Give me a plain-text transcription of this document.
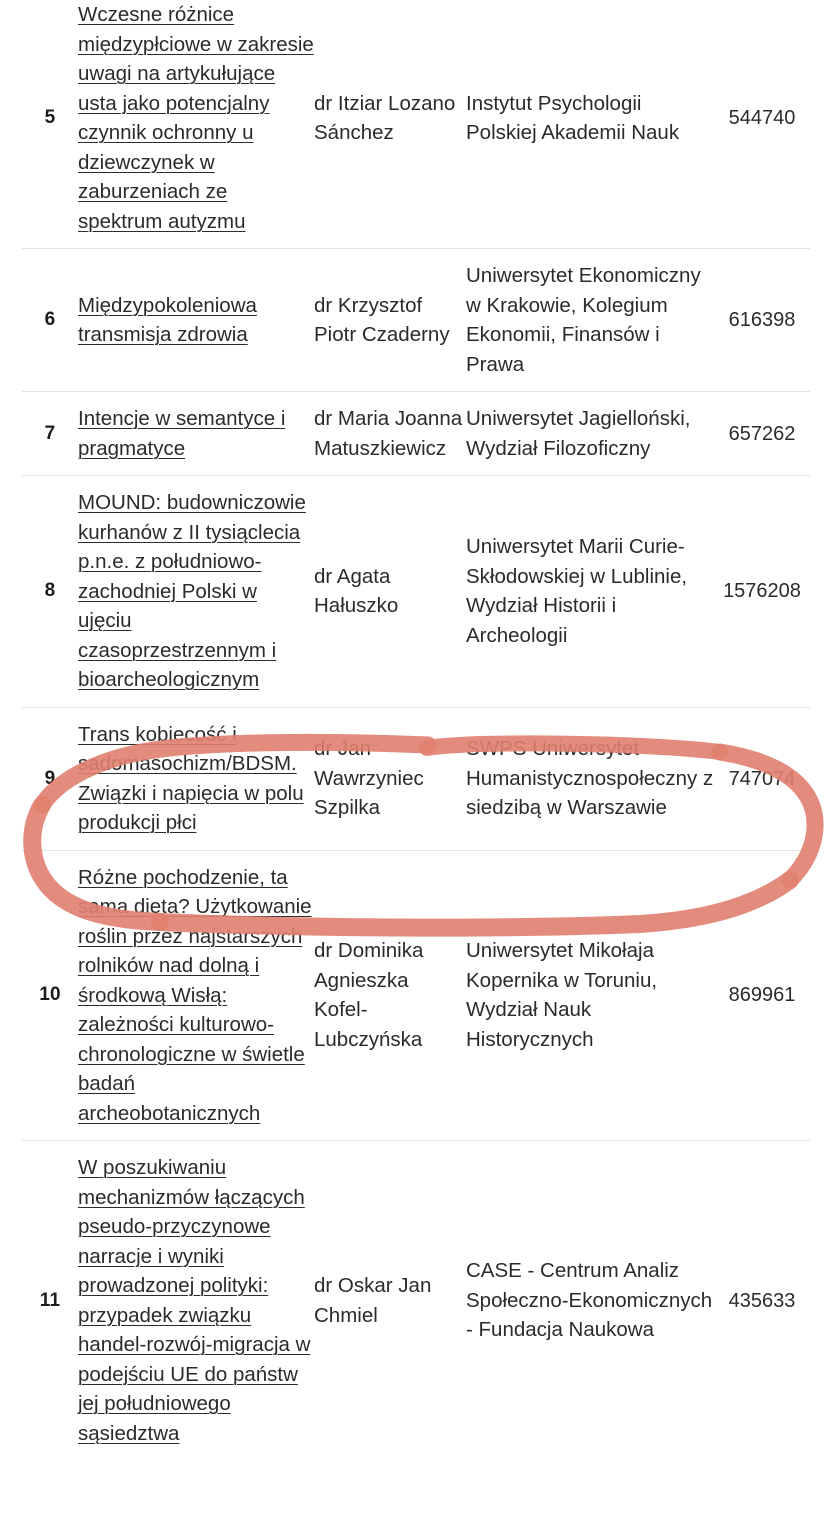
5	Wczesne różnice międzypłciowe w zakresie uwagi na artykułujące usta jako potencjalny czynnik ochronny u dziewczynek w zaburzeniach ze spektrum autyzmu	dr Itziar Lozano Sánchez	Instytut Psychologii Polskiej Akademii Nauk	544740
6	Międzypokoleniowa transmisja zdrowia	dr Krzysztof Piotr Czaderny	Uniwersytet Ekonomiczny w Krakowie, Kolegium Ekonomii, Finansów i Prawa	616398
7	Intencje w semantyce i pragmatyce	dr Maria Joanna Matuszkiewicz	Uniwersytet Jagielloński, Wydział Filozoficzny	657262
8	MOUND: budowniczowie kurhanów z II tysiąclecia p.n.e. z południowo-zachodniej Polski w ujęciu czasoprzestrzennym i bioarcheologicznym	dr Agata Hałuszko	Uniwersytet Marii Curie-Skłodowskiej w Lublinie, Wydział Historii i Archeologii	1576208
9	Trans kobiecość i sadomasochizm/BDSM. Związki i napięcia w polu produkcji płci	dr Jan Wawrzyniec Szpilka	SWPS Uniwersytet Humanistycznospołeczny z siedzibą w Warszawie	747074
10	Różne pochodzenie, ta sama dieta? Użytkowanie roślin przez najstarszych rolników nad dolną i środkową Wisłą: zależności kulturowo-chronologiczne w świetle badań archeobotanicznych	dr Dominika Agnieszka Kofel-Lubczyńska	Uniwersytet Mikołaja Kopernika w Toruniu, Wydział Nauk Historycznych	869961
11	W poszukiwaniu mechanizmów łączących pseudo-przyczynowe narracje i wyniki prowadzonej polityki: przypadek związku handel-rozwój-migracja w podejściu UE do państw jej południowego sąsiedztwa	dr Oskar Jan Chmiel	CASE - Centrum Analiz Społeczno-Ekonomicznych - Fundacja Naukowa	435633
